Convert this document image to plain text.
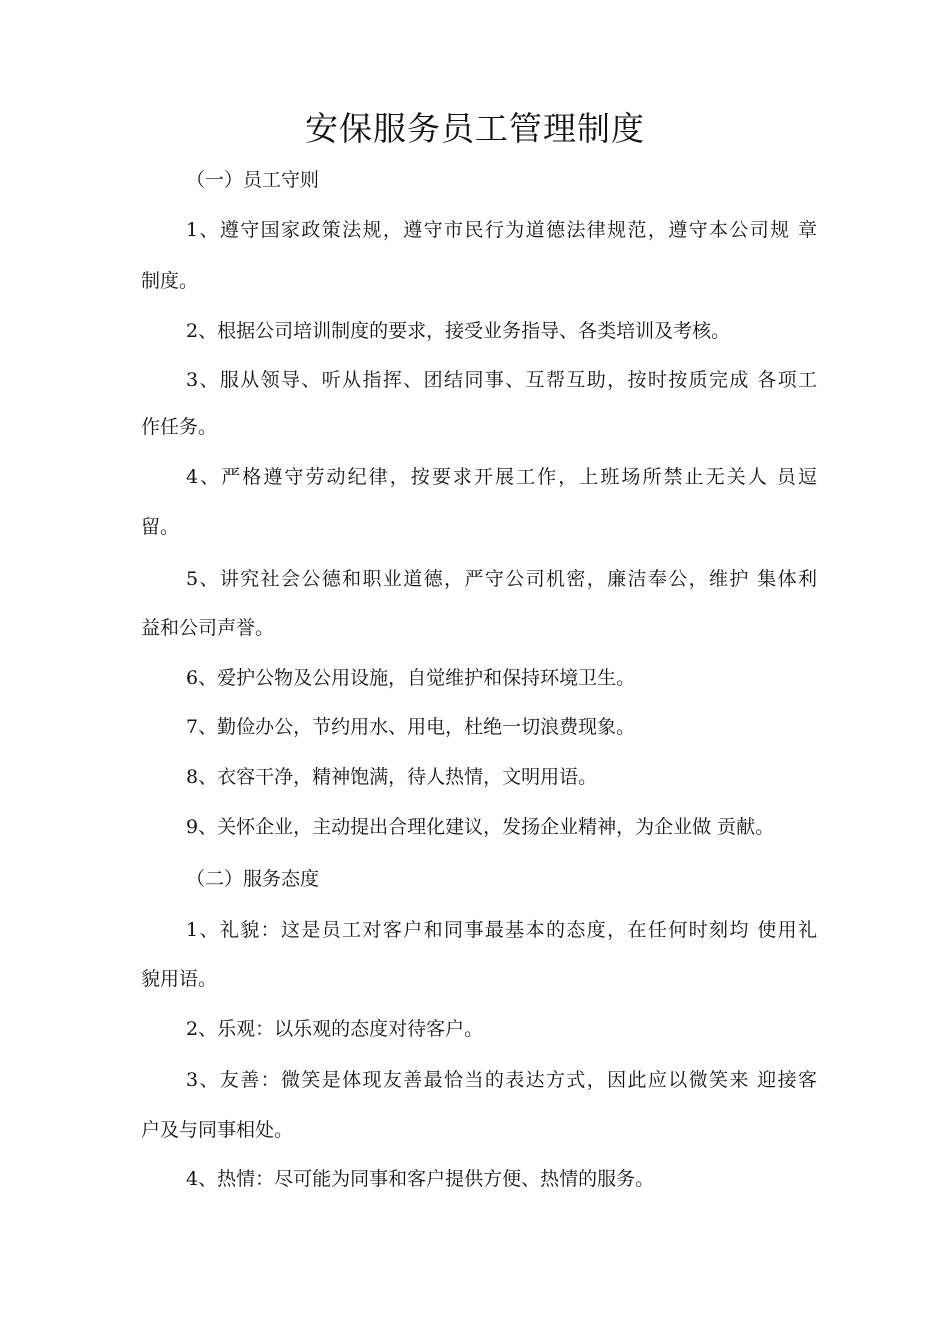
安保服务员工管理制度
（一）员工守则
1、遵守国家政策法规，遵守市民行为道德法律规范，遵守本公司规 章
制度。
2、根据公司培训制度的要求，接受业务指导、各类培训及考核。
3、服从领导、听从指挥、团结同事、互帮互助，按时按质完成 各项工
作任务。
4、严格遵守劳动纪律，按要求开展工作，上班场所禁止无关人 员逗
留。
5、讲究社会公德和职业道德，严守公司机密，廉洁奉公，维护 集体利
益和公司声誉。
6、爱护公物及公用设施，自觉维护和保持环境卫生。
7、勤俭办公，节约用水、用电，杜绝一切浪费现象。
8、衣容干净，精神饱满，待人热情，文明用语。
9、关怀企业，主动提出合理化建议，发扬企业精神，为企业做 贡献。
（二）服务态度
1、礼貌：这是员工对客户和同事最基本的态度，在任何时刻均 使用礼
貌用语。
2、乐观：以乐观的态度对待客户。
3、友善：微笑是体现友善最恰当的表达方式，因此应以微笑来 迎接客
户及与同事相处。
4、热情：尽可能为同事和客户提供方便、热情的服务。
